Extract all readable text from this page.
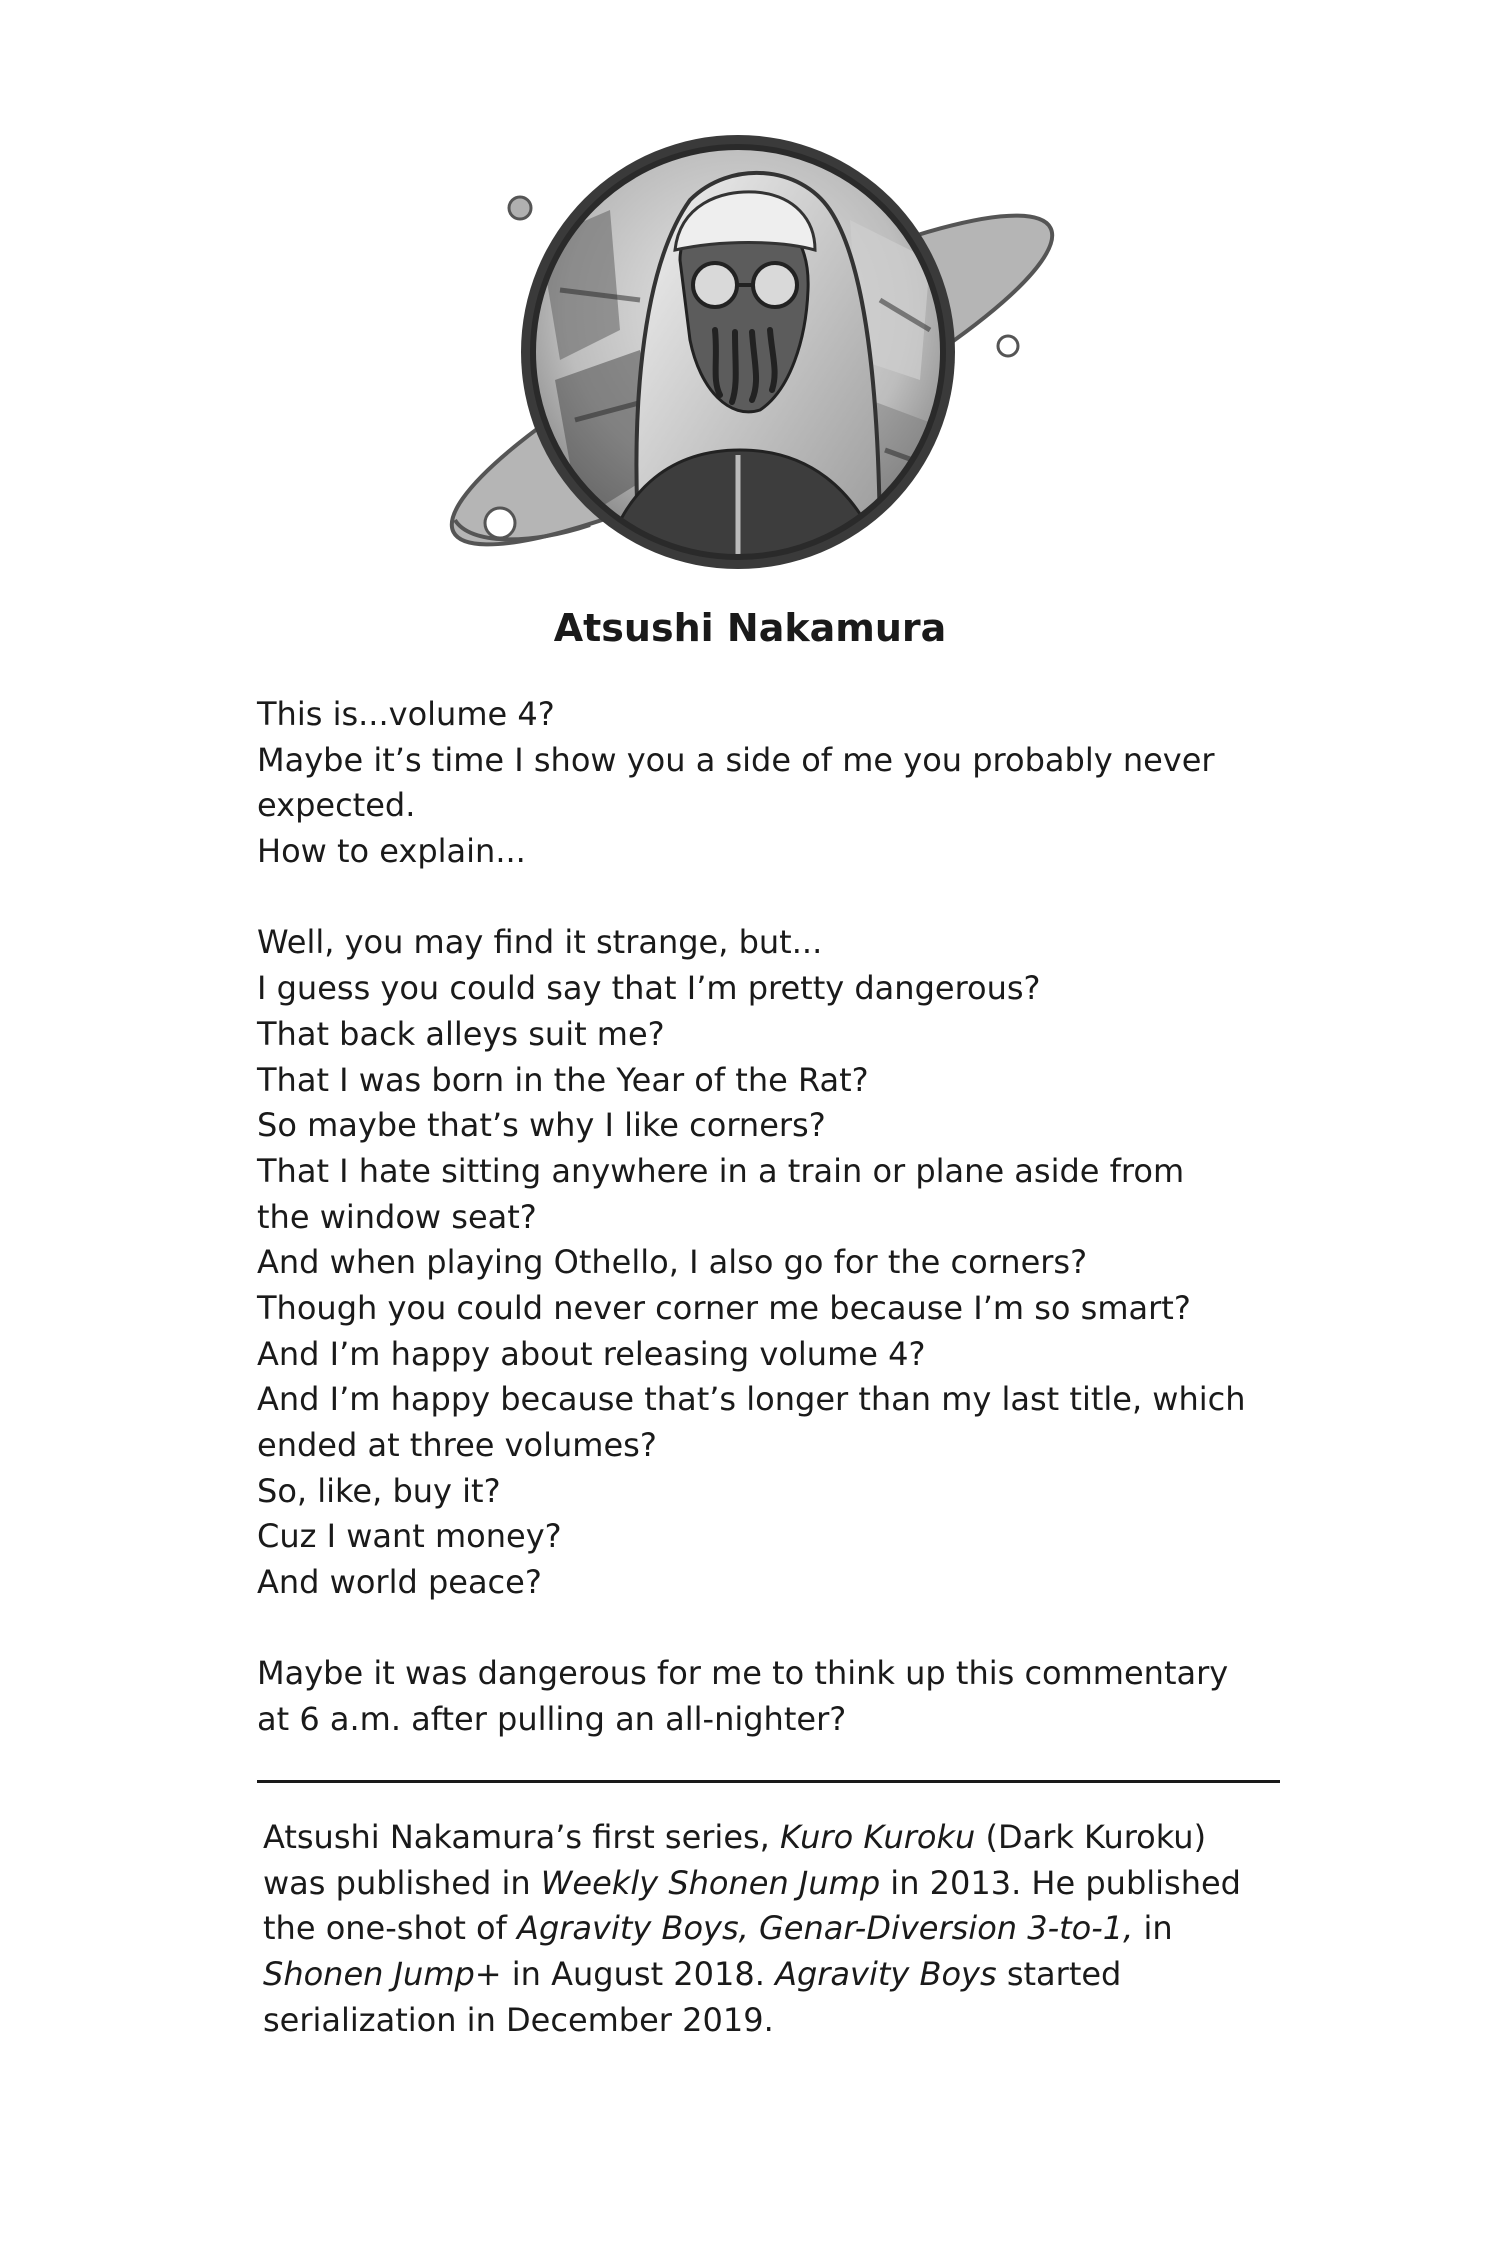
Atsushi Nakamura
This is...volume 4?
Maybe it’s time I show you a side of me you probably never
expected.
How to explain...
Well, you may find it strange, but...
I guess you could say that I’m pretty dangerous?
That back alleys suit me?
That I was born in the Year of the Rat?
So maybe that’s why I like corners?
That I hate sitting anywhere in a train or plane aside from
the window seat?
And when playing Othello, I also go for the corners?
Though you could never corner me because I’m so smart?
And I’m happy about releasing volume 4?
And I’m happy because that’s longer than my last title, which
ended at three volumes?
So, like, buy it?
Cuz I want money?
And world peace?
Maybe it was dangerous for me to think up this commentary
at 6 a.m. after pulling an all-nighter?
Atsushi Nakamura’s first series, Kuro Kuroku (Dark Kuroku)
was published in Weekly Shonen Jump in 2013. He published
the one-shot of Agravity Boys, Genar-Diversion 3-to-1, in
Shonen Jump+ in August 2018. Agravity Boys started
serialization in December 2019.
